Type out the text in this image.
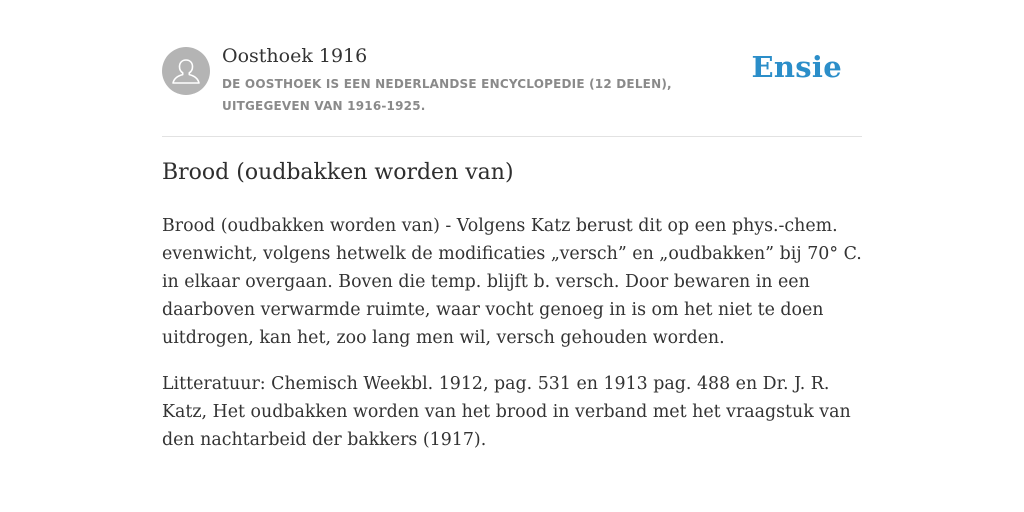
Oosthoek 1916
DE OOSTHOEK IS EEN NEDERLANDSE ENCYCLOPEDIE (12 DELEN), UITGEGEVEN VAN 1916-1925.
Ensie
Brood (oudbakken worden van)

Brood (oudbakken worden van) - Volgens Katz berust dit op een phys.-chem. evenwicht, volgens hetwelk de modificaties „versch” en „oudbakken” bij 70° C. in elkaar overgaan. Boven die temp. blijft b. versch. Door bewaren in een daarboven verwarmde ruimte, waar vocht genoeg in is om het niet te doen uitdrogen, kan het, zoo lang men wil, versch gehouden worden.

Litteratuur: Chemisch Weekbl. 1912, pag. 531 en 1913 pag. 488 en Dr. J. R. Katz, Het oudbakken worden van het brood in verband met het vraagstuk van den nachtarbeid der bakkers (1917).
